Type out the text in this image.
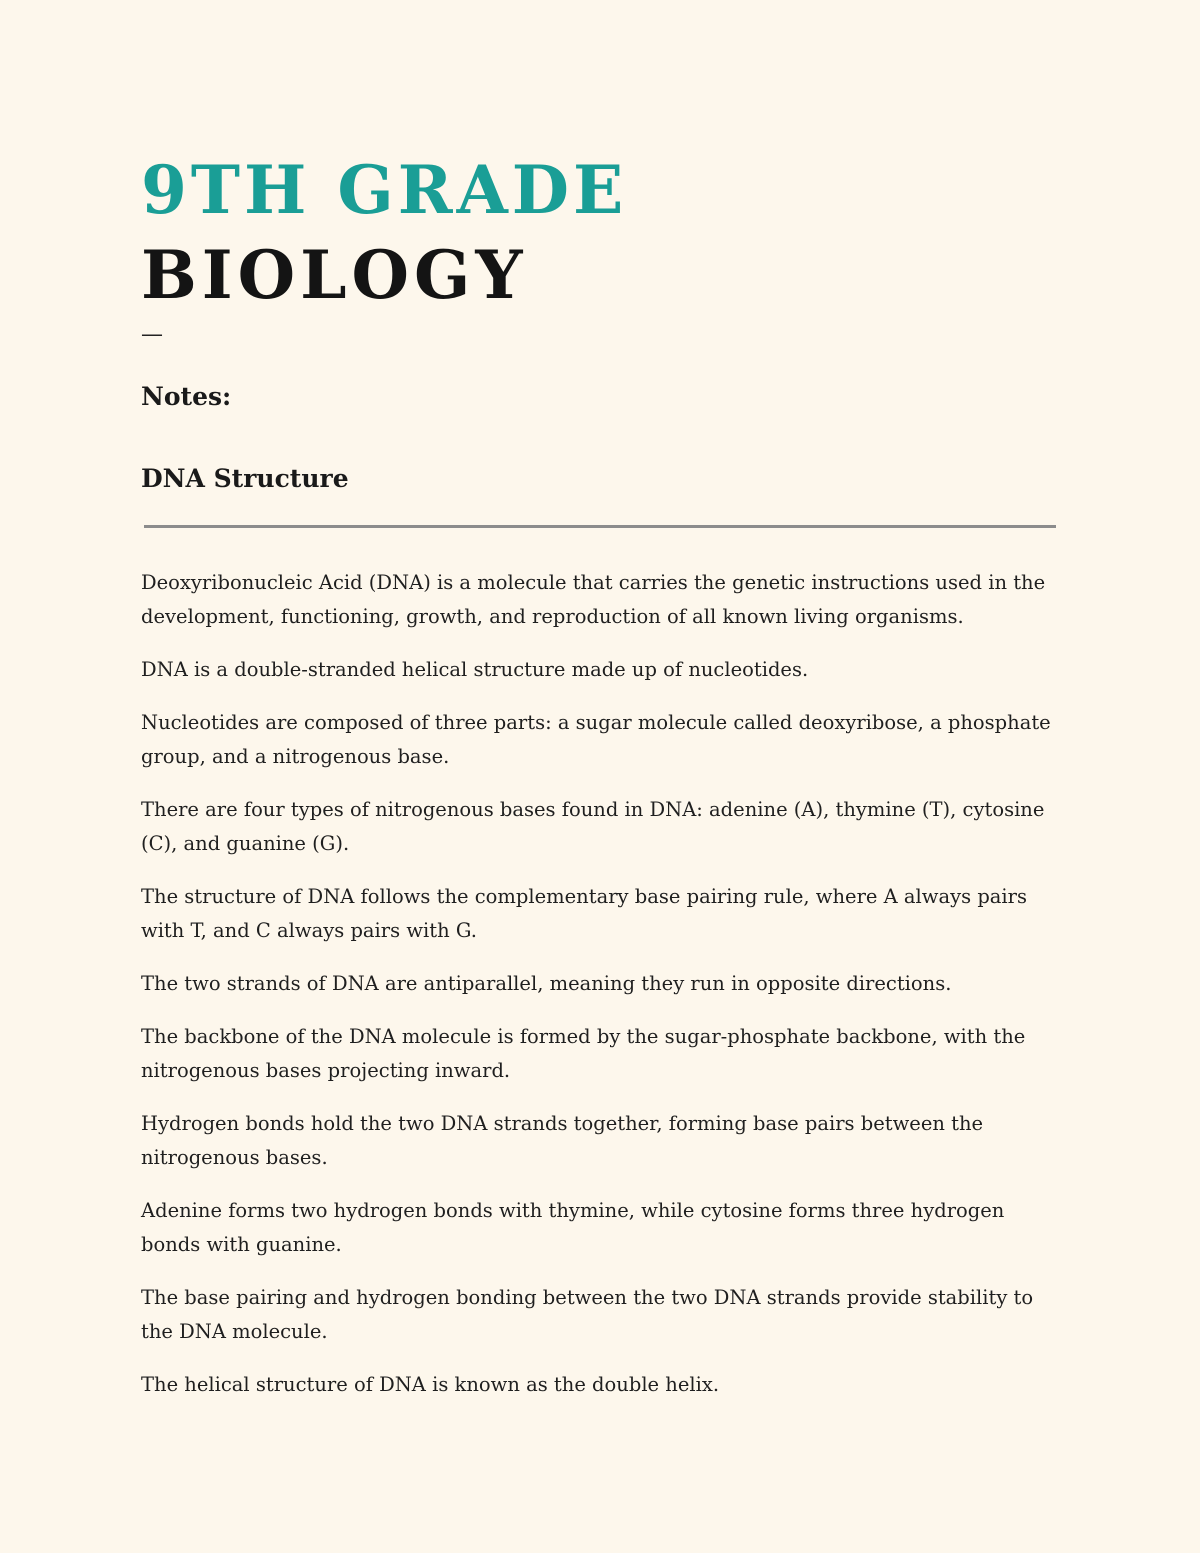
9TH GRADE
BIOLOGY
—
Notes:
DNA Structure

Deoxyribonucleic Acid (DNA) is a molecule that carries the genetic instructions used in the development, functioning, growth, and reproduction of all known living organisms.

DNA is a double-stranded helical structure made up of nucleotides.

Nucleotides are composed of three parts: a sugar molecule called deoxyribose, a phosphate group, and a nitrogenous base.

There are four types of nitrogenous bases found in DNA: adenine (A), thymine (T), cytosine (C), and guanine (G).

The structure of DNA follows the complementary base pairing rule, where A always pairs with T, and C always pairs with G.

The two strands of DNA are antiparallel, meaning they run in opposite directions.

The backbone of the DNA molecule is formed by the sugar-phosphate backbone, with the nitrogenous bases projecting inward.

Hydrogen bonds hold the two DNA strands together, forming base pairs between the nitrogenous bases.

Adenine forms two hydrogen bonds with thymine, while cytosine forms three hydrogen bonds with guanine.

The base pairing and hydrogen bonding between the two DNA strands provide stability to the DNA molecule.

The helical structure of DNA is known as the double helix.
